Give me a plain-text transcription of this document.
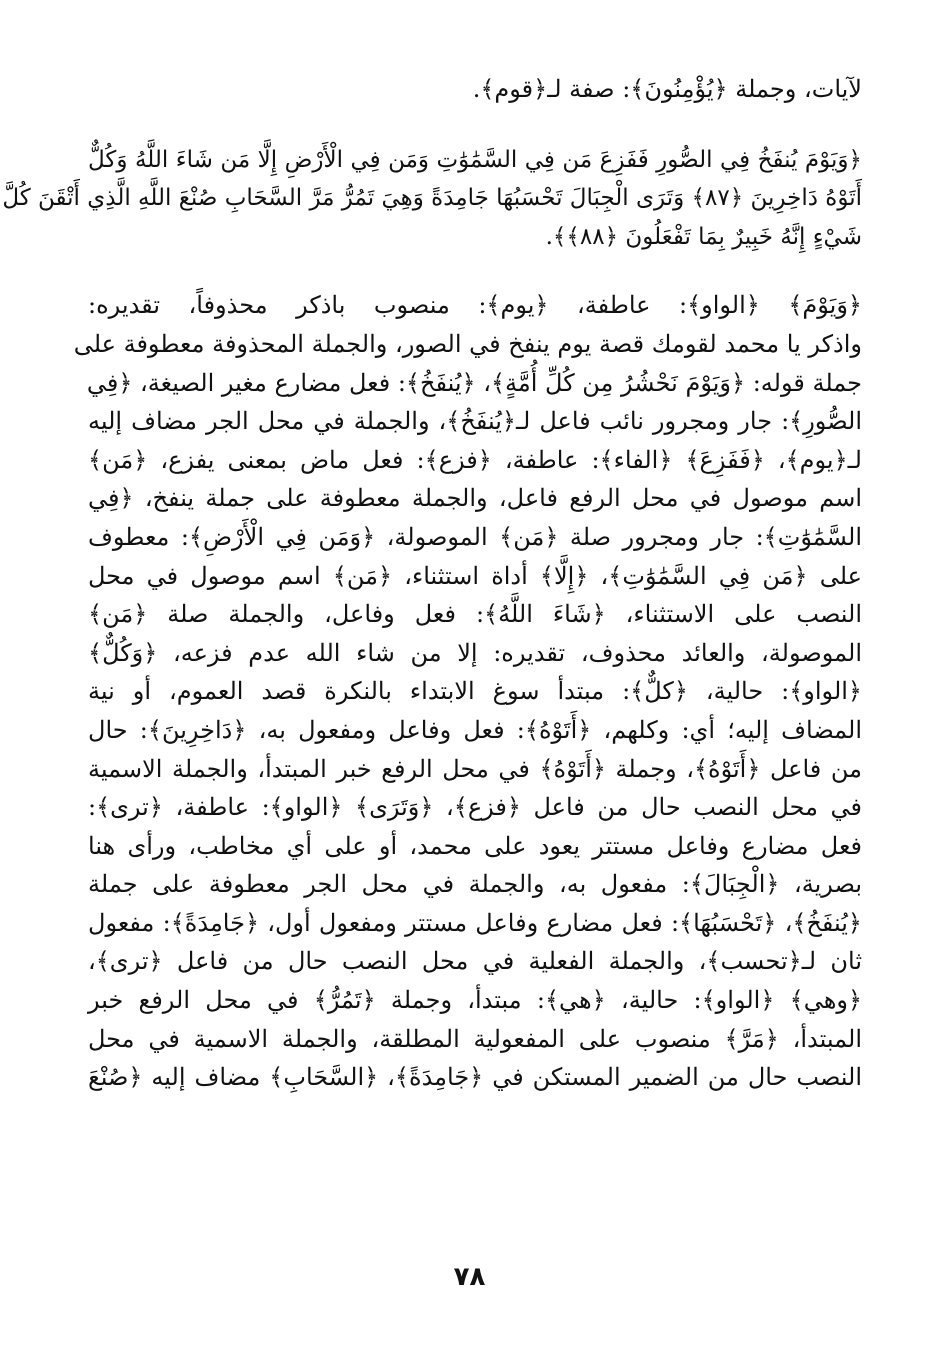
لآيات، وجملة ﴿يُؤْمِنُونَ﴾: صفة لـ﴿قوم﴾.
﴿وَيَوْمَ يُنفَخُ فِي الصُّورِ فَفَزِعَ مَن فِي السَّمَٰوَٰتِ وَمَن فِي الْأَرْضِ إِلَّا مَن شَاءَ اللَّهُ وَكُلٌّ
أَتَوْهُ دَاخِرِينَ ﴿٨٧﴾ وَتَرَى الْجِبَالَ تَحْسَبُهَا جَامِدَةً وَهِيَ تَمُرُّ مَرَّ السَّحَابِ صُنْعَ اللَّهِ الَّذِي أَتْقَنَ كُلَّ
شَيْءٍ إِنَّهُ خَبِيرٌ بِمَا تَفْعَلُونَ ﴿٨٨﴾﴾.
﴿وَيَوْمَ﴾ ﴿الواو﴾: عاطفة، ﴿يوم﴾: منصوب باذكر محذوفاً، تقديره:
واذكر يا محمد لقومك قصة يوم ينفخ في الصور، والجملة المحذوفة معطوفة على
جملة قوله: ﴿وَيَوْمَ نَحْشُرُ مِن كُلِّ أُمَّةٍ﴾، ﴿يُنفَخُ﴾: فعل مضارع مغير الصيغة، ﴿فِي
الصُّورِ﴾: جار ومجرور نائب فاعل لـ﴿يُنفَخُ﴾، والجملة في محل الجر مضاف إليه
لـ﴿يوم﴾، ﴿فَفَزِعَ﴾ ﴿الفاء﴾: عاطفة، ﴿فزع﴾: فعل ماض بمعنى يفزع، ﴿مَن﴾
اسم موصول في محل الرفع فاعل، والجملة معطوفة على جملة ينفخ، ﴿فِي
السَّمَٰوَٰتِ﴾: جار ومجرور صلة ﴿مَن﴾ الموصولة، ﴿وَمَن فِي الْأَرْضِ﴾: معطوف
على ﴿مَن فِي السَّمَٰوَٰتِ﴾، ﴿إِلَّا﴾ أداة استثناء، ﴿مَن﴾ اسم موصول في محل
النصب على الاستثناء، ﴿شَاءَ اللَّهُ﴾: فعل وفاعل، والجملة صلة ﴿مَن﴾
الموصولة، والعائد محذوف، تقديره: إلا من شاء الله عدم فزعه، ﴿وَكُلٌّ﴾
﴿الواو﴾: حالية، ﴿كلٌّ﴾: مبتدأ سوغ الابتداء بالنكرة قصد العموم، أو نية
المضاف إليه؛ أي: وكلهم، ﴿أَتَوْهُ﴾: فعل وفاعل ومفعول به، ﴿دَاخِرِينَ﴾: حال
من فاعل ﴿أَتَوْهُ﴾، وجملة ﴿أَتَوْهُ﴾ في محل الرفع خبر المبتدأ، والجملة الاسمية
في محل النصب حال من فاعل ﴿فزع﴾، ﴿وَتَرَى﴾ ﴿الواو﴾: عاطفة، ﴿ترى﴾:
فعل مضارع وفاعل مستتر يعود على محمد، أو على أي مخاطب، ورأى هنا
بصرية، ﴿الْجِبَالَ﴾: مفعول به، والجملة في محل الجر معطوفة على جملة
﴿يُنفَخُ﴾، ﴿تَحْسَبُهَا﴾: فعل مضارع وفاعل مستتر ومفعول أول، ﴿جَامِدَةً﴾: مفعول
ثان لـ﴿تحسب﴾، والجملة الفعلية في محل النصب حال من فاعل ﴿ترى﴾،
﴿وهي﴾ ﴿الواو﴾: حالية، ﴿هي﴾: مبتدأ، وجملة ﴿تَمُرُّ﴾ في محل الرفع خبر
المبتدأ، ﴿مَرَّ﴾ منصوب على المفعولية المطلقة، والجملة الاسمية في محل
النصب حال من الضمير المستكن في ﴿جَامِدَةً﴾، ﴿السَّحَابِ﴾ مضاف إليه ﴿صُنْعَ
٧٨
